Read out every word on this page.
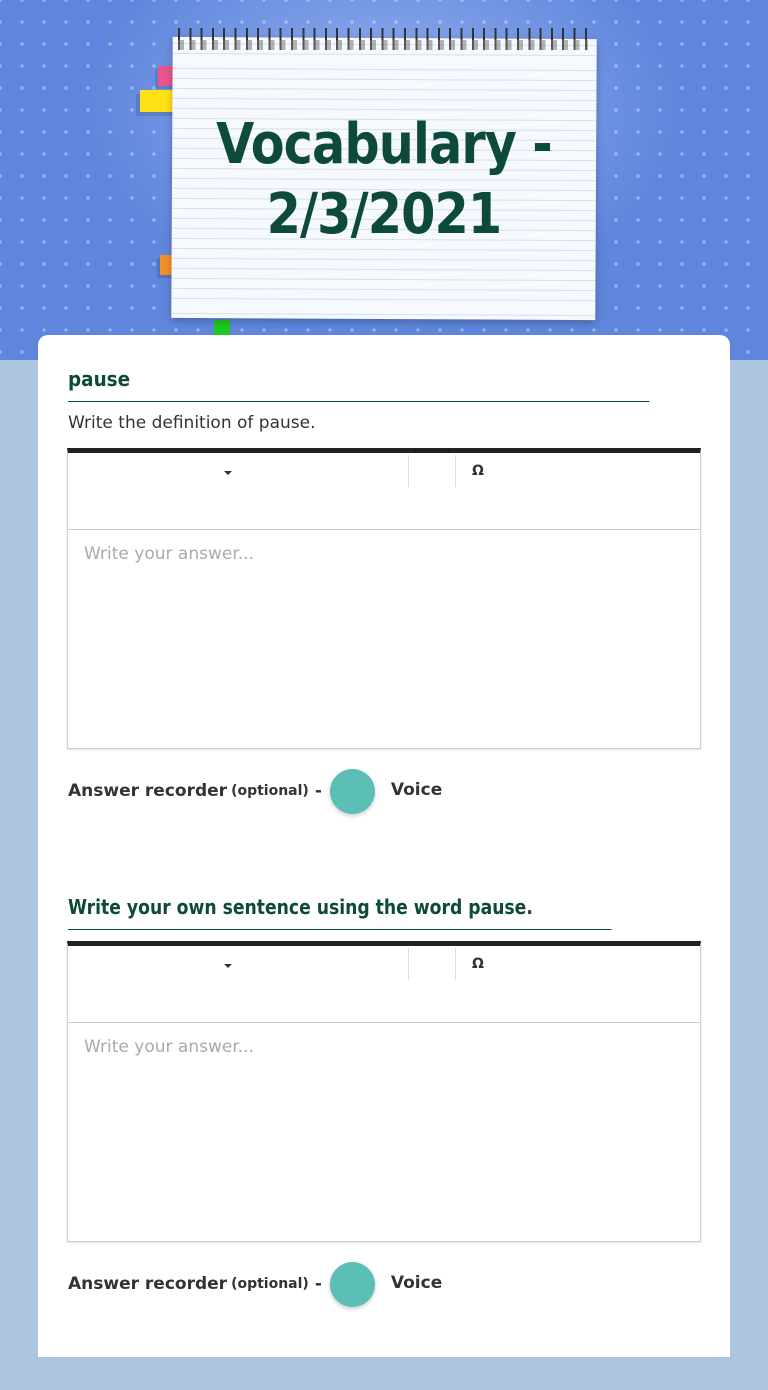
Vocabulary -
2/3/2021
pause
Write the definition of pause.
Ω
Write your answer...
Answer recorder (optional) -	Voice
Write your own sentence using the word pause.
Ω
Write your answer...
Answer recorder (optional) -	Voice
